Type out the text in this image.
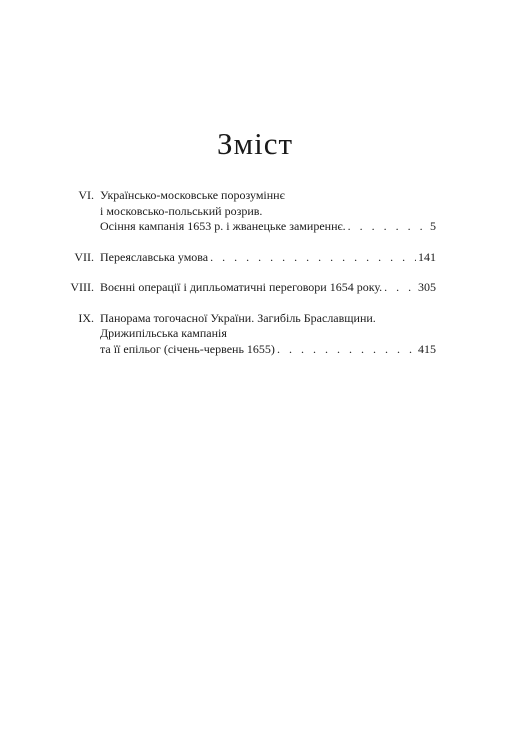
Зміст
VI. Українсько-московське порозуміннє
і московсько-польський розрив.
Осіння кампанія 1653 р. і жванецьке замиреннє. . . .	5
VII. Переяславська умова . . .	141
VIII. Воєнні операції і дипльоматичні переговори 1654 року. . . .	305
IX. Панорама тогочасної України. Загибіль Браславщини.
Дрижипільська кампанія
та її епільог (січень-червень 1655) . . .	415
